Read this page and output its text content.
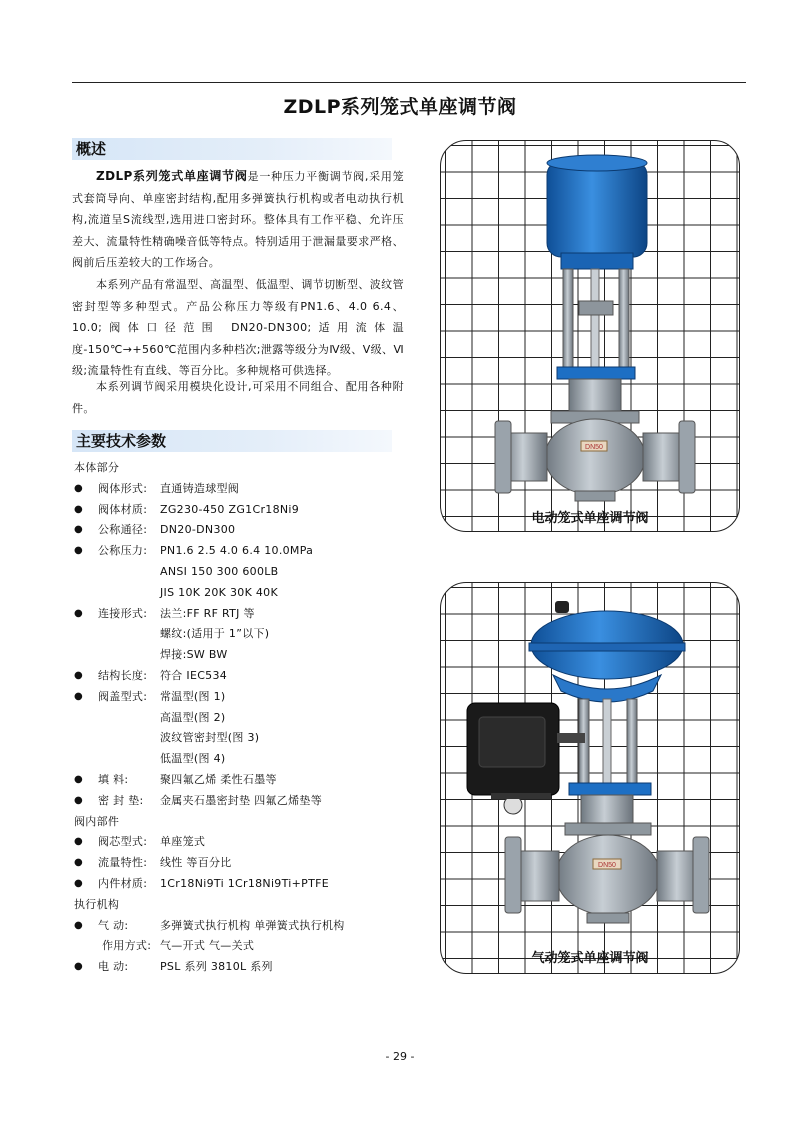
ZDLP系列笼式单座调节阀
概述

ZDLP系列笼式单座调节阀是一种压力平衡调节阀,采用笼式套筒导向、单座密封结构,配用多弹簧执行机构或者电动执行机构,流道呈S流线型,选用进口密封环。整体具有工作平稳、允许压差大、流量特性精确噪音低等特点。特别适用于泄漏量要求严格、阀前后压差较大的工作场合。

本系列产品有常温型、高温型、低温型、调节切断型、波纹管密封型等多种型式。产品公称压力等级有PN1.6、4.0 6.4、10.0;阀体口径范围 DN20-DN300;适用流体温度-150℃→+560℃范围内多种档次;泄露等级分为Ⅳ级、Ⅴ级、Ⅵ级;流量特性有直线、等百分比。多种规格可供选择。

本系列调节阀采用模块化设计,可采用不同组合、配用各种附件。

主要技术参数
本体部分
● 阀体形式: 直通铸造球型阀
● 阀体材质: ZG230-450 ZG1Cr18Ni9
● 公称通径: DN20-DN300
● 公称压力: PN1.6 2.5 4.0 6.4 10.0MPa
ANSI 150 300 600LB
JIS 10K 20K 30K 40K
● 连接形式: 法兰:FF RF RTJ 等
螺纹:(适用于 1”以下)
焊接:SW BW
● 结构长度: 符合 IEC534
● 阀盖型式: 常温型(图 1)
高温型(图 2)
波纹管密封型(图 3)
低温型(图 4)
● 填 料:	聚四氟乙烯 柔性石墨等
● 密 封 垫: 金属夹石墨密封垫 四氟乙烯垫等
阀内部件
● 阀芯型式: 单座笼式
● 流量特性: 线性 等百分比
● 内件材质: 1Cr18Ni9Ti 1Cr18Ni9Ti+PTFE
执行机构
● 气 动:	多弹簧式执行机构 单弹簧式执行机构
作用方式: 气—开式 气—关式
● 电 动:	PSL 系列 3810L 系列
DN50
电动笼式单座调节阀
DN50
气动笼式单座调节阀
- 29 -
